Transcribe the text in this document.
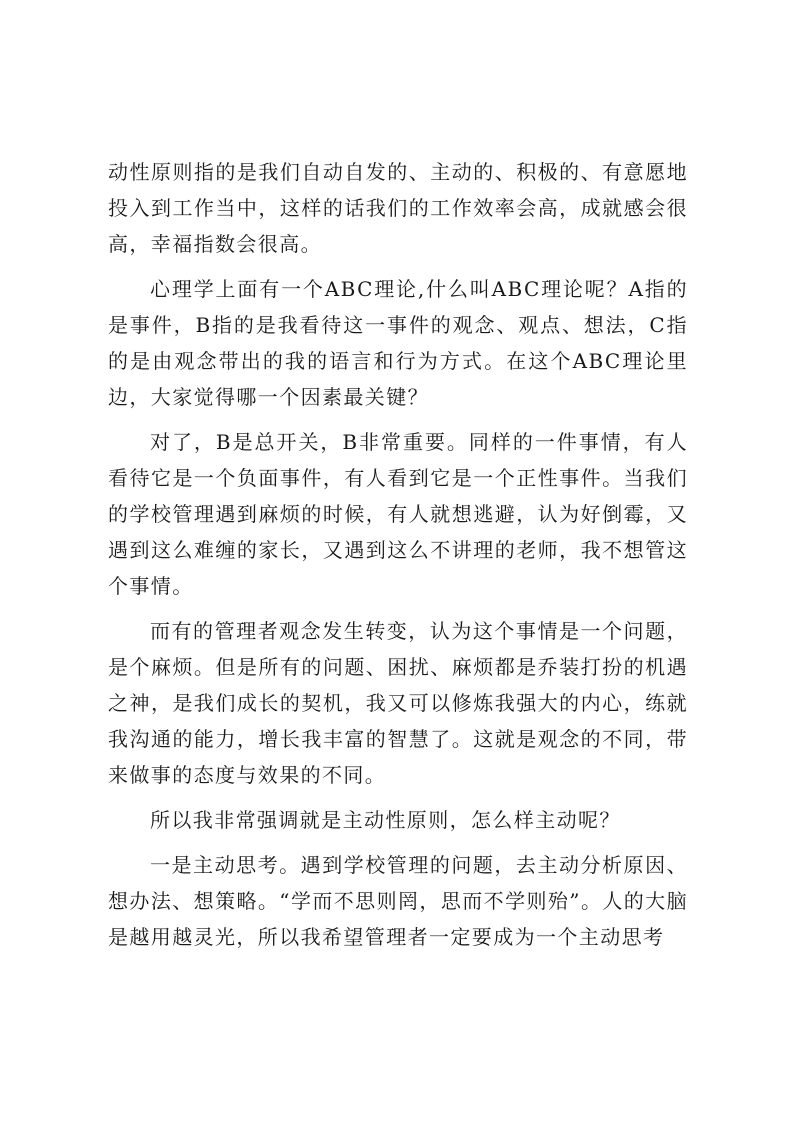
动性原则指的是我们自动自发的、主动的、积极的、有意愿地投入到工作当中，这样的话我们的工作效率会高，成就感会很高，幸福指数会很高。

心理学上面有一个ABC理论,什么叫ABC理论呢？A指的是事件，B指的是我看待这一事件的观念、观点、想法，C指的是由观念带出的我的语言和行为方式。在这个ABC理论里边，大家觉得哪一个因素最关键？

对了，B是总开关，B非常重要。同样的一件事情，有人看待它是一个负面事件，有人看到它是一个正性事件。当我们的学校管理遇到麻烦的时候，有人就想逃避，认为好倒霉，又遇到这么难缠的家长，又遇到这么不讲理的老师，我不想管这个事情。

而有的管理者观念发生转变，认为这个事情是一个问题，是个麻烦。但是所有的问题、困扰、麻烦都是乔装打扮的机遇之神，是我们成长的契机，我又可以修炼我强大的内心，练就我沟通的能力，增长我丰富的智慧了。这就是观念的不同，带来做事的态度与效果的不同。

所以我非常强调就是主动性原则，怎么样主动呢？

一是主动思考。遇到学校管理的问题，去主动分析原因、想办法、想策略。“学而不思则罔，思而不学则殆”。人的大脑是越用越灵光，所以我希望管理者一定要成为一个主动思考
